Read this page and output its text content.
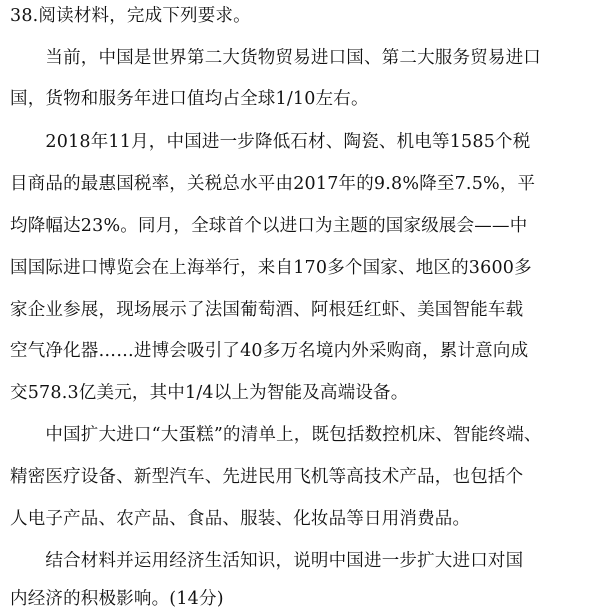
38.阅读材料，完成下列要求。
　　当前，中国是世界第二大货物贸易进口国、第二大服务贸易进口
国，货物和服务年进口值均占全球1/10左右。
　　2018年11月，中国进一步降低石材、陶瓷、机电等1585个税
目商品的最惠国税率，关税总水平由2017年的9.8%降至7.5%，平
均降幅达23%。同月，全球首个以进口为主题的国家级展会——中
国国际进口博览会在上海举行，来自170多个国家、地区的3600多
家企业参展，现场展示了法国葡萄酒、阿根廷红虾、美国智能车载
空气净化器……进博会吸引了40多万名境内外采购商，累计意向成
交578.3亿美元，其中1/4以上为智能及高端设备。
　　中国扩大进口“大蛋糕”的清单上，既包括数控机床、智能终端、
精密医疗设备、新型汽车、先进民用飞机等高技术产品，也包括个
人电子产品、农产品、食品、服装、化妆品等日用消费品。
　　结合材料并运用经济生活知识，说明中国进一步扩大进口对国
内经济的积极影响。(14分)
